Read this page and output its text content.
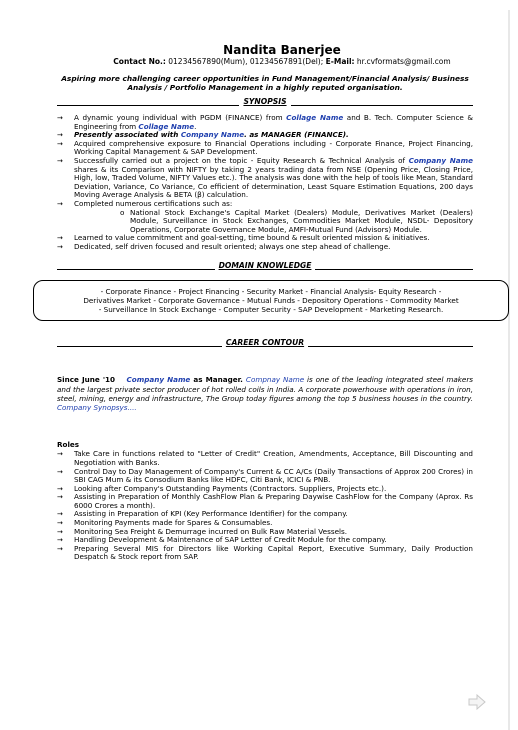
Nandita Banerjee
Contact No.: 01234567890(Mum), 01234567891(Del); E-Mail: hr.cvformats@gmail.com
Aspiring more challenging career opportunities in Fund Management/Financial Analysis/ Business Analysis / Portfolio Management in a highly reputed organisation.
SYNOPSIS
→ A dynamic young individual with PGDM (FINANCE) from Collage Name and B. Tech. Computer Science & Engineering from Collage Name.
→ Presently associated with Company Name. as MANAGER (FINANCE).
→ Acquired comprehensive exposure to Financial Operations including - Corporate Finance, Project Financing, Working Capital Management & SAP Development.
→ Successfully carried out a project on the topic - Equity Research & Technical Analysis of Company Name shares & its Comparison with NIFTY by taking 2 years trading data from NSE (Opening Price, Closing Price, High, low, Traded Volume, NIFTY Values etc.). The analysis was done with the help of tools like Mean, Standard Deviation, Variance, Co Variance, Co efficient of determination, Least Square Estimation Equations, 200 days Moving Average Analysis & BETA (β) calculation.
→ Completed numerous certifications such as:
o National Stock Exchange's Capital Market (Dealers) Module, Derivatives Market (Dealers) Module, Surveillance in Stock Exchanges, Commodities Market Module, NSDL- Depository Operations, Corporate Governance Module, AMFI-Mutual Fund (Advisors) Module.
→ Learned to value commitment and goal-setting, time bound & result oriented mission & initiatives.
→ Dedicated, self driven focused and result oriented; always one step ahead of challenge.
DOMAIN KNOWLEDGE
- Corporate Finance - Project Financing - Security Market - Financial Analysis- Equity Research -
Derivatives Market - Corporate Governance - Mutual Funds - Depository Operations - Commodity Market
- Surveillance In Stock Exchange - Computer Security - SAP Development - Marketing Research.
CAREER CONTOUR
Since June '10 Company Name as Manager. Compnay Name is one of the leading integrated steel makers and the largest private sector producer of hot rolled coils in India. A corporate powerhouse with operations in iron, steel, mining, energy and infrastructure, The Group today figures among the top 5 business houses in the country. Company Synopsys....
Roles
→ Take Care in functions related to "Letter of Credit" Creation, Amendments, Acceptance, Bill Discounting and Negotiation with Banks.
→ Control Day to Day Management of Company's Current & CC A/Cs (Daily Transactions of Approx 200 Crores) in SBI CAG Mum & its Consodium Banks like HDFC, Citi Bank, ICICI & PNB.
→ Looking after Company's Outstanding Payments (Contractors. Suppliers, Projects etc.).
→ Assisting in Preparation of Monthly CashFlow Plan & Preparing Daywise CashFlow for the Company (Aprox. Rs 6000 Crores a month).
→ Assisting in Preparation of KPI (Key Performance Identifier) for the company.
→ Monitoring Payments made for Spares & Consumables.
→ Monitoring Sea Freight & Demurrage incurred on Bulk Raw Material Vessels.
→ Handling Development & Maintenance of SAP Letter of Credit Module for the company.
→ Preparing Several MIS for Directors like Working Capital Report, Executive Summary, Daily Production Despatch & Stock report from SAP.
